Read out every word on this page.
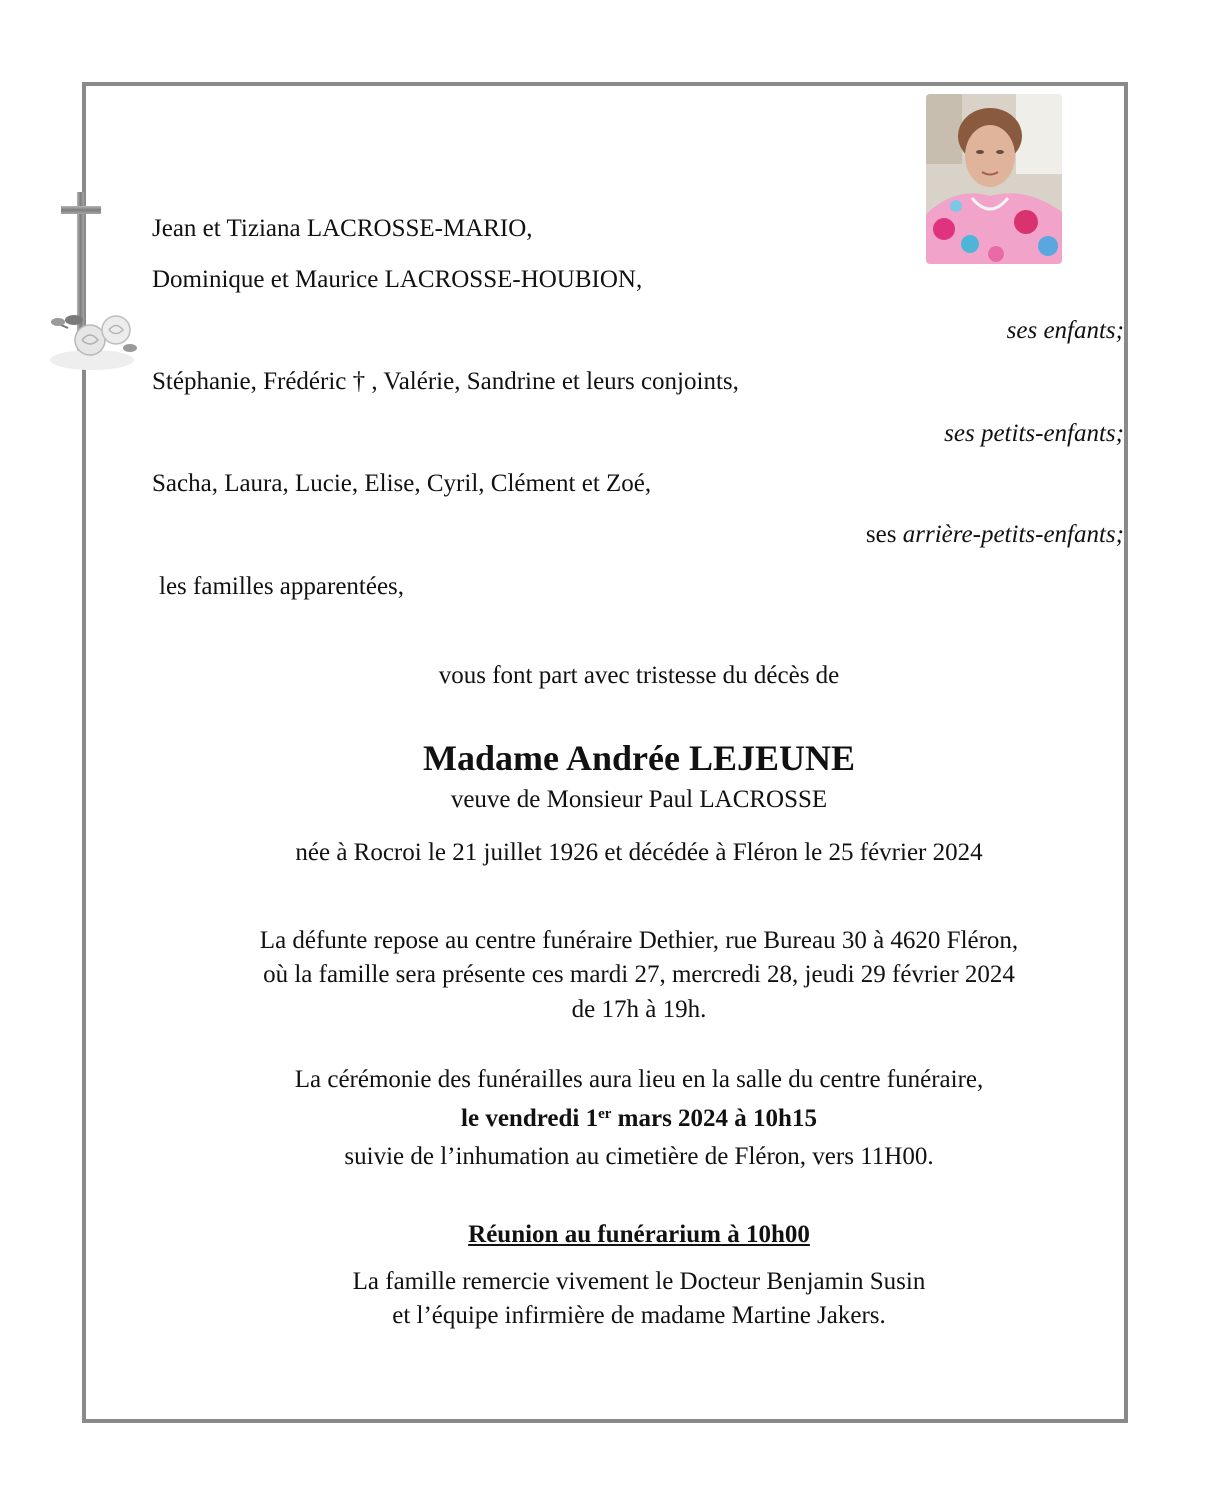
Jean et Tiziana LACROSSE-MARIO,
Dominique et Maurice LACROSSE-HOUBION,
ses enfants;
Stéphanie, Frédéric † , Valérie, Sandrine et leurs conjoints,
ses petits-enfants;
Sacha, Laura, Lucie, Elise, Cyril, Clément et Zoé,
ses arrière-petits-enfants;
les familles apparentées,
vous font part avec tristesse du décès de
Madame Andrée LEJEUNE
veuve de Monsieur Paul LACROSSE
née à Rocroi le 21 juillet 1926 et décédée à Fléron le 25 février 2024
La défunte repose au centre funéraire Dethier, rue Bureau 30 à 4620 Fléron,
où la famille sera présente ces mardi 27, mercredi 28, jeudi 29 février 2024
de 17h à 19h.
La cérémonie des funérailles aura lieu en la salle du centre funéraire,
le vendredi 1er mars 2024 à 10h15
suivie de l’inhumation au cimetière de Fléron, vers 11H00.
Réunion au funérarium à 10h00
La famille remercie vivement le Docteur Benjamin Susin
et l’équipe infirmière de madame Martine Jakers.
